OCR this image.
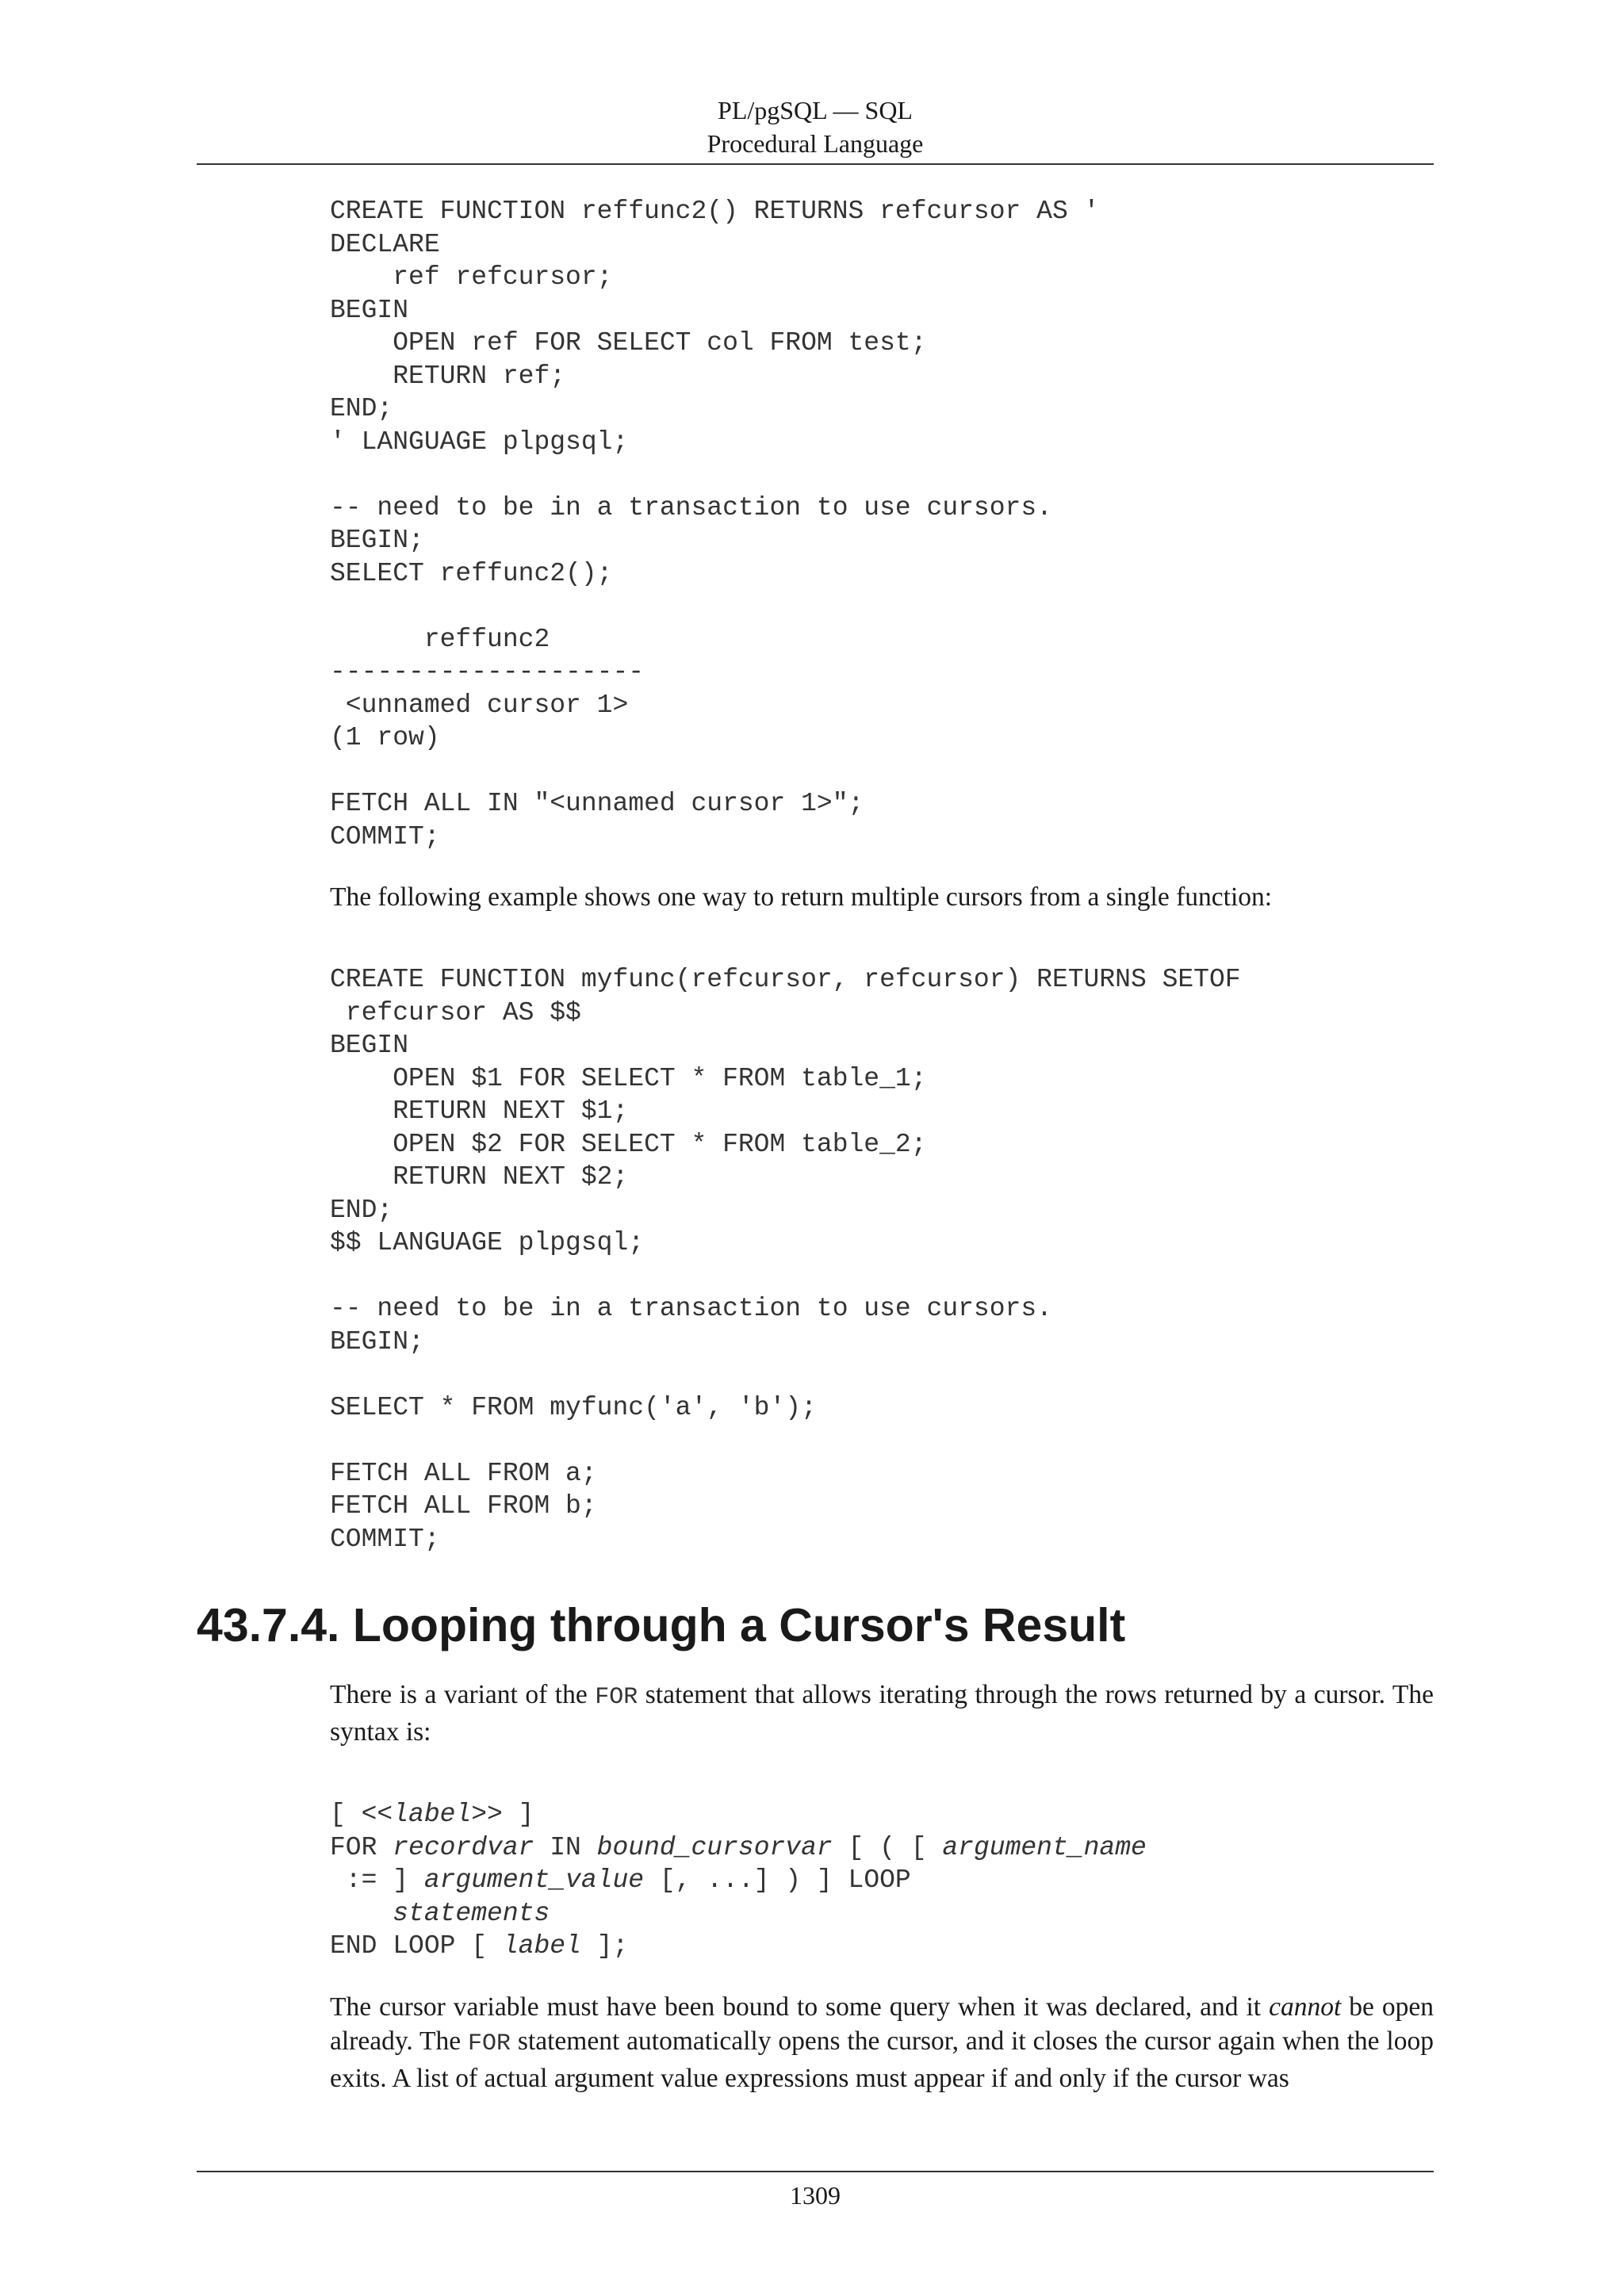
PL/pgSQL — SQL
Procedural Language
CREATE FUNCTION reffunc2() RETURNS refcursor AS '
DECLARE
ref refcursor;
BEGIN
OPEN ref FOR SELECT col FROM test;
RETURN ref;
END;
' LANGUAGE plpgsql;

-- need to be in a transaction to use cursors.
BEGIN;
SELECT reffunc2();

reffunc2
--------------------
<unnamed cursor 1>
(1 row)

FETCH ALL IN "<unnamed cursor 1>";
COMMIT;

The following example shows one way to return multiple cursors from a single function:

CREATE FUNCTION myfunc(refcursor, refcursor) RETURNS SETOF
refcursor AS $$
BEGIN
OPEN $1 FOR SELECT * FROM table_1;
RETURN NEXT $1;
OPEN $2 FOR SELECT * FROM table_2;
RETURN NEXT $2;
END;
$$ LANGUAGE plpgsql;

-- need to be in a transaction to use cursors.
BEGIN;

SELECT * FROM myfunc('a', 'b');

FETCH ALL FROM a;
FETCH ALL FROM b;
COMMIT;
43.7.4. Looping through a Cursor's Result

There is a variant of the FOR statement that allows iterating through the rows returned by a cursor. The syntax is:

[ <<label>> ]
FOR recordvar IN bound_cursorvar [ ( [ argument_name
:= ] argument_value [, ...] ) ] LOOP
statements
END LOOP [ label ];

The cursor variable must have been bound to some query when it was declared, and it cannot be open already. The FOR statement automatically opens the cursor, and it closes the cursor again when the loop exits. A list of actual argument value expressions must appear if and only if the cursor was

1309
